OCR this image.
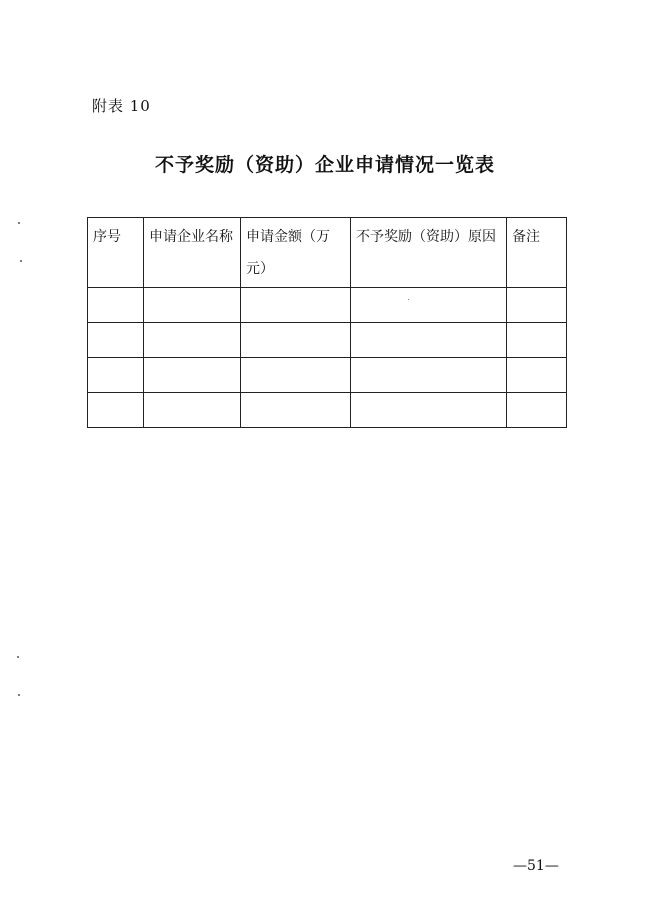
附表 10
不予奖励（资助）企业申请情况一览表
序号	申请企业名称	申请金额（万元）	不予奖励（资助）原因	备注

—51—
